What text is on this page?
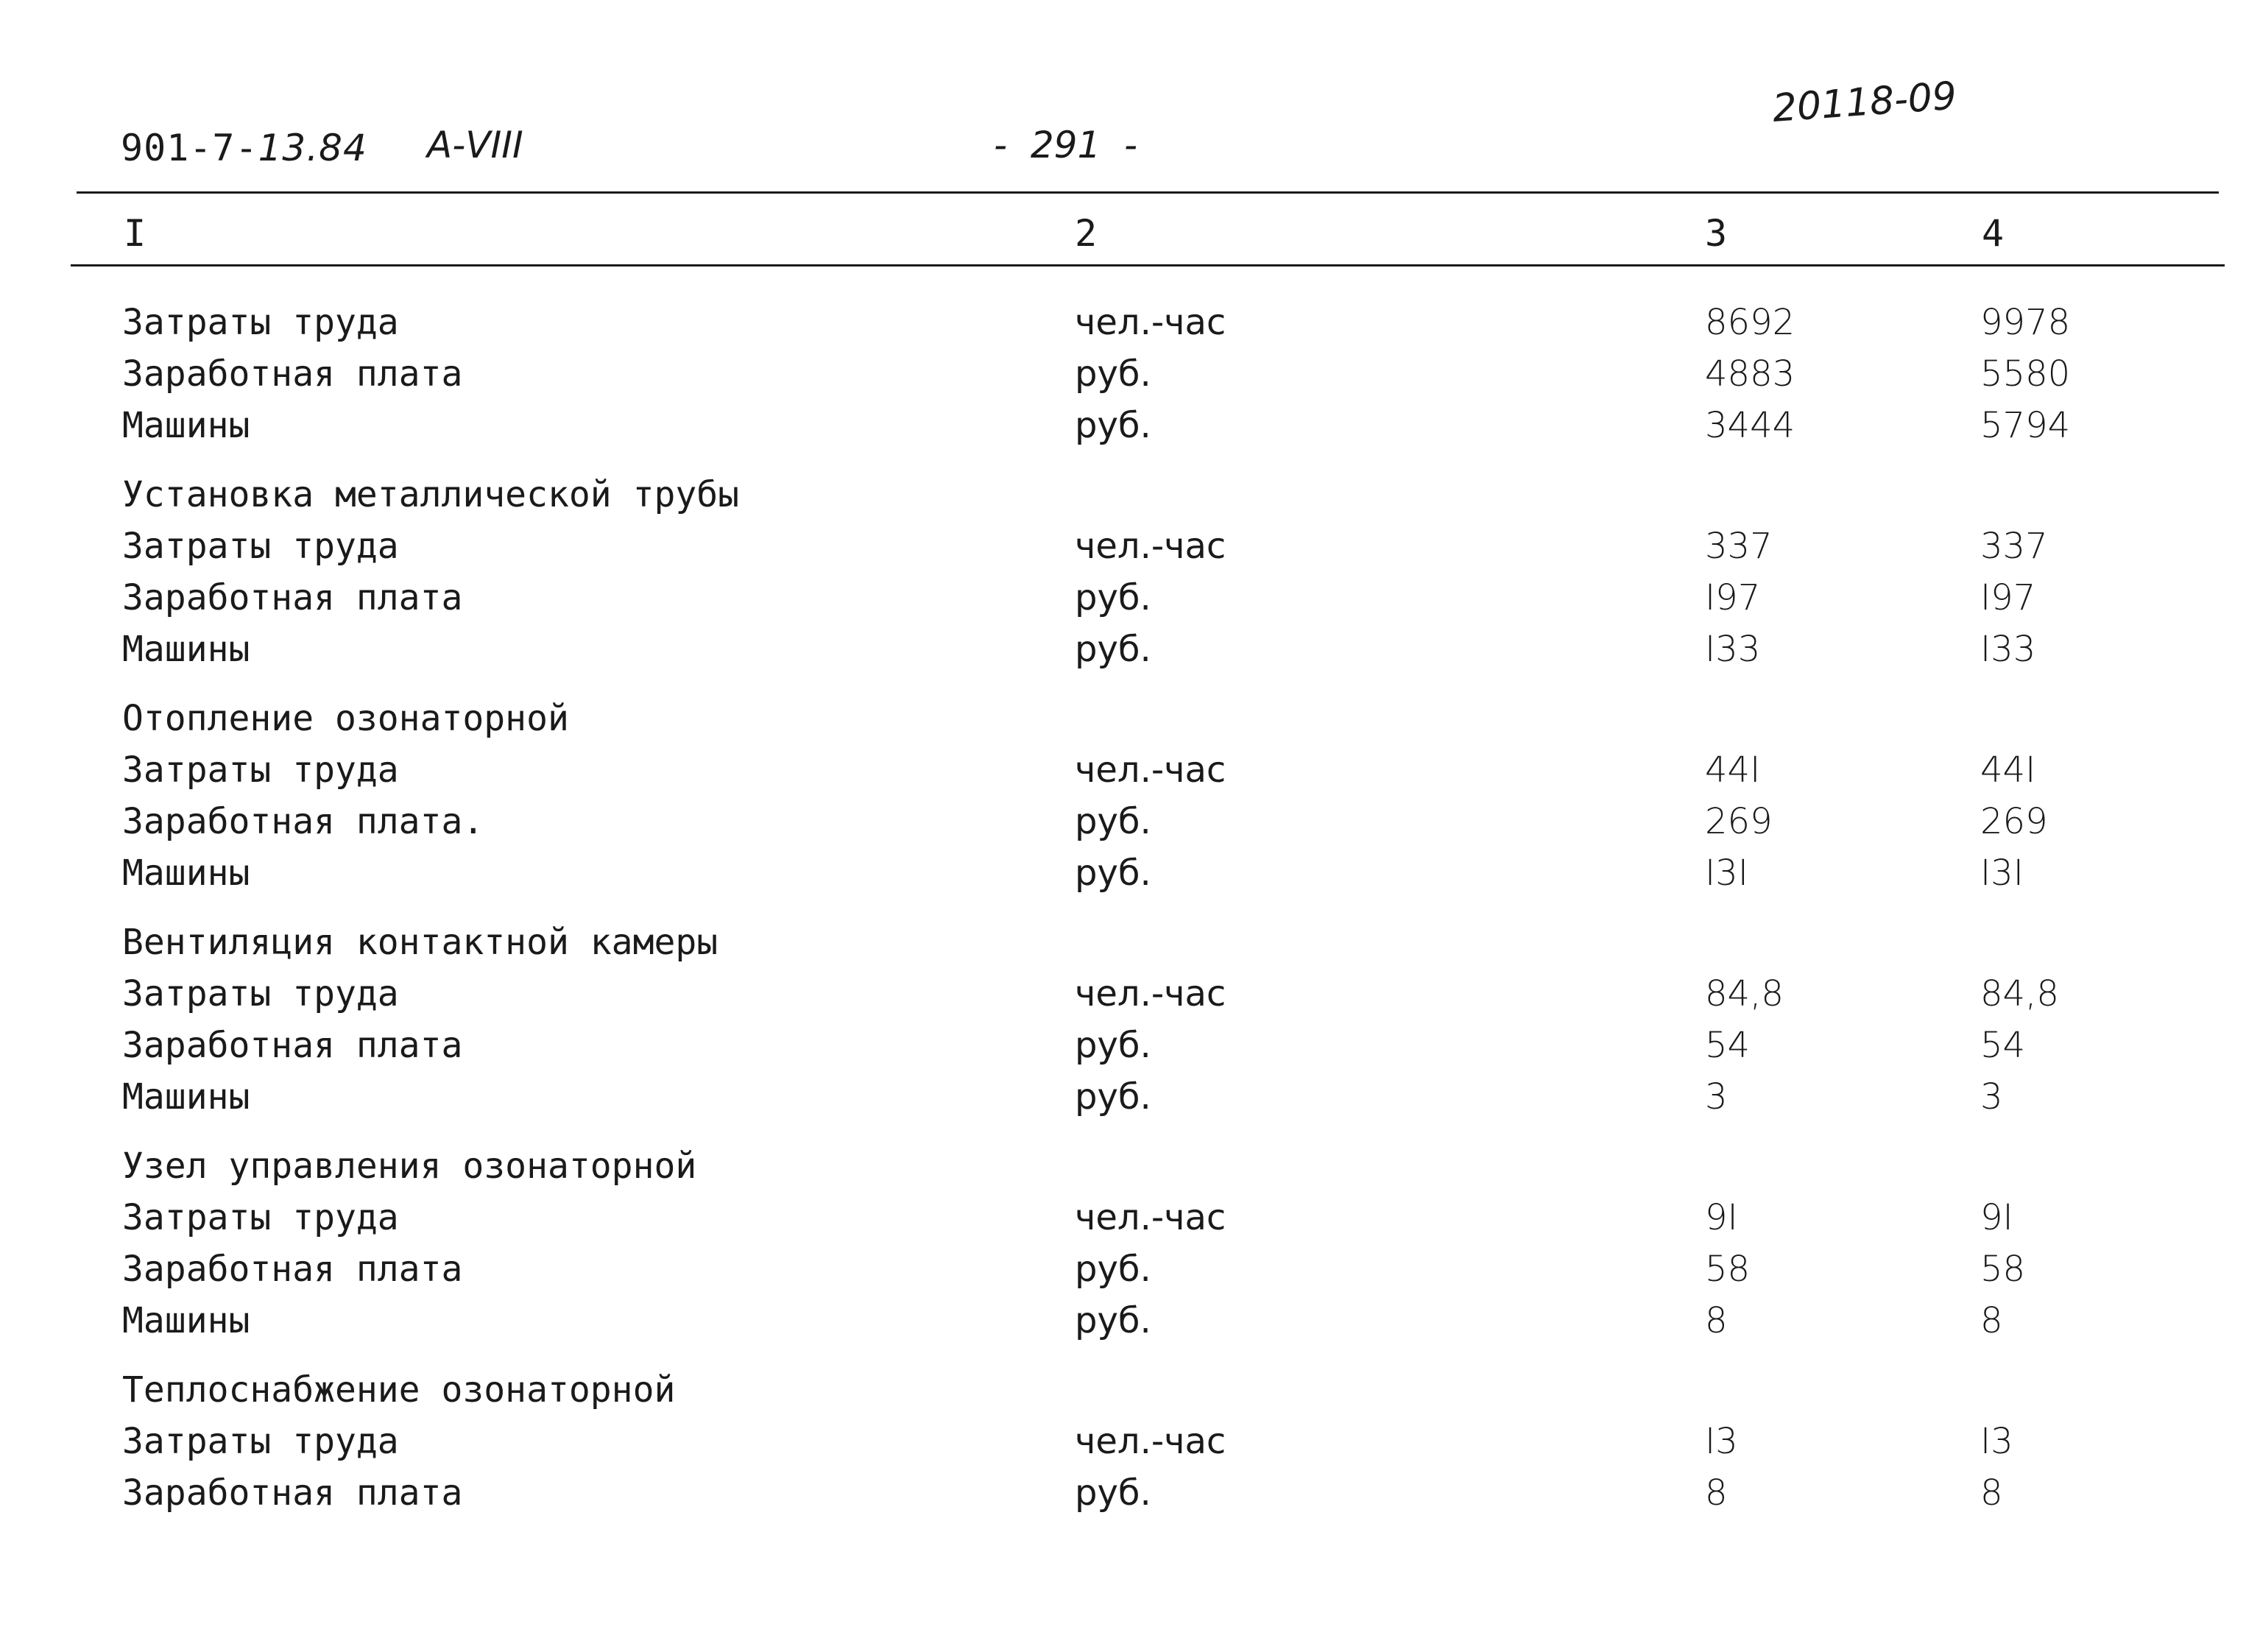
901-7-13.84 А-VIII	-  291  -
20118-09
I	2	3	4
Затраты труда	чел.-час	8692	9978
Заработная плата	руб.	4883	5580
Машины	руб.	3444	5794
Установка металлической трубы
Затраты труда	чел.-час	337	337
Заработная плата	руб.	I97	I97
Машины	руб.	I33	I33
Отопление озонаторной
Затраты труда	чел.-час	44I	44I
Заработная плата.	руб.	269	269
Машины	руб.	I3I	I3I
Вентиляция контактной камеры
Затраты труда	чел.-час	84,8	84,8
Заработная плата	руб.	54	54
Машины	руб.	3	3
Узел управления озонаторной
Затраты труда	чел.-час	9I	9I
Заработная плата	руб.	58	58
Машины	руб.	8	8
Теплоснабжение озонаторной
Затраты труда	чел.-час	I3	I3
Заработная плата	руб.	8	8
